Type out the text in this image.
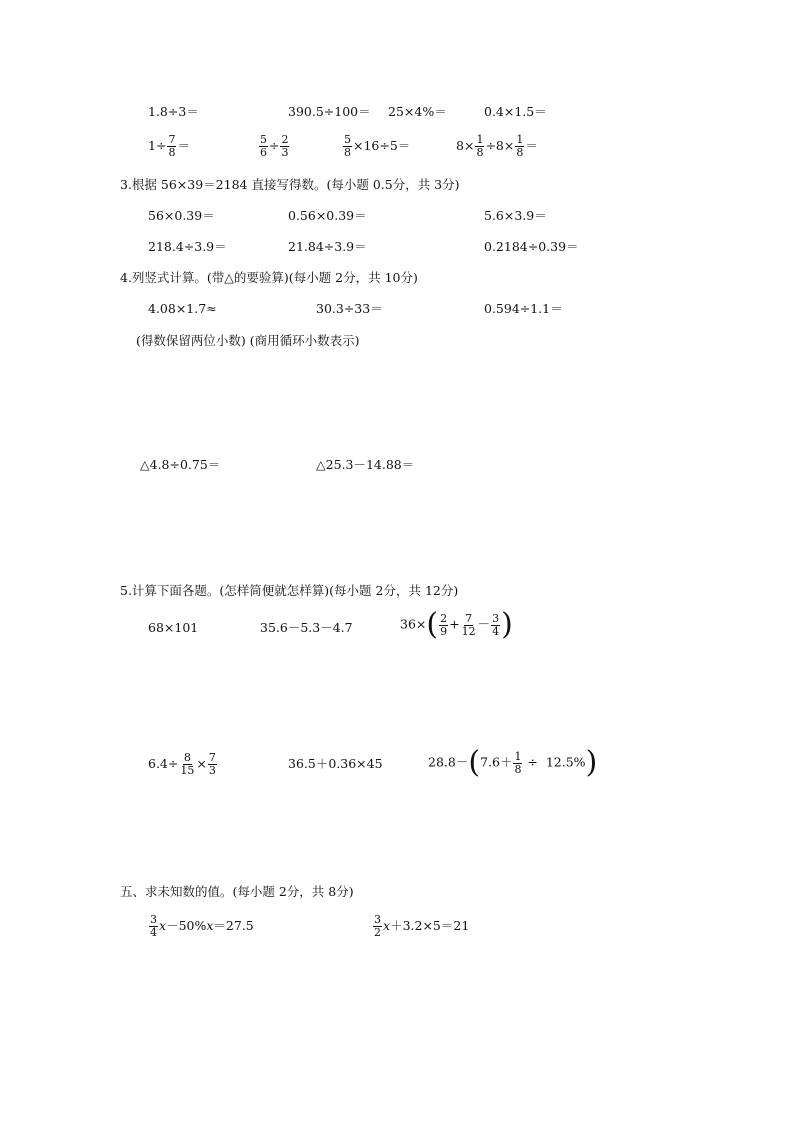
1.8÷3＝	390.5÷100＝ 25×4%＝	0.4×1.5＝
$1\div \frac{7}{8}$ ＝	$\frac{5}{6} \div \frac{2}{3}$	$\frac{5}{8} \times 16\div 5=$	$8\times \frac{1}{8} \div 8\times \frac{1}{8}$ ＝
3.根据 56×39＝2184 直接写得数。(每小题 0.5分，共 3分)
56×0.39＝	0.56×0.39＝	5.6×3.9＝
218.4÷3.9＝	21.84÷3.9＝	0.2184÷0.39＝
4.列竖式计算。(带△的要验算)(每小题 2分，共 10分)
4.08×1.7≈	30.3÷33＝	0.594÷1.1＝
(得数保留两位小数) (商用循环小数表示)
△4.8÷0.75＝	△25.3－14.88＝
5.计算下面各题。(怎样简便就怎样算)(每小题 2分，共 12分)
68×101	35.6－5.3－4.7	$36\times( \frac{2}{9} + \frac{7}{12} - \frac{3}{4}$ )
$6.4\div \frac{8}{15} \times \frac{7}{3}$	36.5＋0.36×45	$28.8-(7.6+ \frac{1}{8} \div 12.5\%)$
五、求未知数的值。(每小题 2分，共 8分)
$\frac{3}{4} x-50\%x=27.5$	$\frac{3}{2} x+3.2\times 5=21$
